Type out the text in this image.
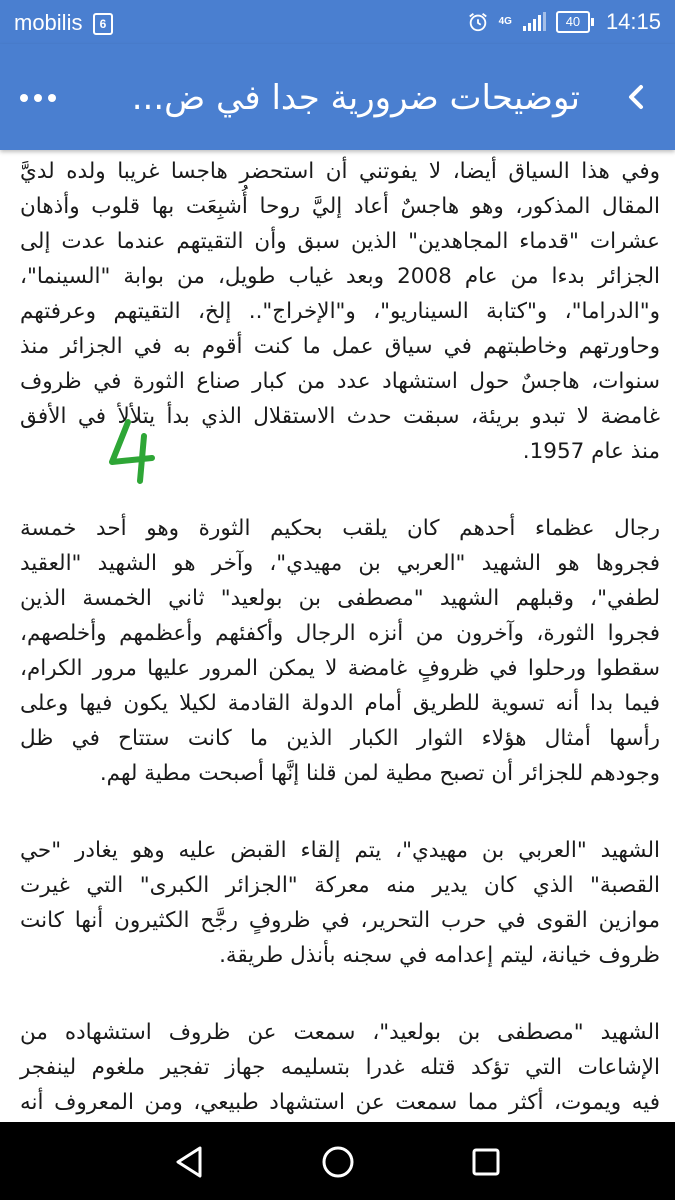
mobilis	6	4G	40	14:15
توضيحات ضرورية جدا في ض...

وفي هذا السياق أيضا، لا يفوتني أن استحضر هاجسا غريبا ولده لديَّ
المقال المذكور، وهو هاجسٌ أعاد إليَّ روحا أُشبِعَت بها قلوب وأذهان
عشرات "قدماء المجاهدين" الذين سبق وأن التقيتهم عندما عدت إلى
الجزائر بدءا من عام 2008 وبعد غياب طويل، من بوابة "السينما"،
و"الدراما"، و"كتابة السيناريو"، و"الإخراج".. إلخ، التقيتهم وعرفتهم
وحاورتهم وخاطبتهم في سياق عمل ما كنت أقوم به في الجزائر منذ
سنوات، هاجسٌ حول استشهاد عدد من كبار صناع الثورة في ظروف
غامضة لا تبدو بريئة، سبقت حدث الاستقلال الذي بدأ يتلألأ في الأفق
منذ عام 1957.

رجال عظماء أحدهم كان يلقب بحكيم الثورة وهو أحد خمسة
فجروها هو الشهيد "العربي بن مهيدي"، وآخر هو الشهيد "العقيد
لطفي"، وقبلهم الشهيد "مصطفى بن بولعيد" ثاني الخمسة الذين
فجروا الثورة، وآخرون من أنزه الرجال وأكفئهم وأعظمهم وأخلصهم،
سقطوا ورحلوا في ظروفٍ غامضة لا يمكن المرور عليها مرور الكرام،
فيما بدا أنه تسوية للطريق أمام الدولة القادمة لكيلا يكون فيها وعلى
رأسها أمثال هؤلاء الثوار الكبار الذين ما كانت ستتاح في ظل
وجودهم للجزائر أن تصبح مطية لمن قلنا إنَّها أصبحت مطية لهم.

الشهيد "العربي بن مهيدي"، يتم إلقاء القبض عليه وهو يغادر "حي
القصبة" الذي كان يدير منه معركة "الجزائر الكبرى" التي غيرت
موازين القوى في حرب التحرير، في ظروفٍ رجَّح الكثيرون أنها كانت
ظروف خيانة، ليتم إعدامه في سجنه بأنذل طريقة.

الشهيد "مصطفى بن بولعيد"، سمعت عن ظروف استشهاده من
الإشاعات التي تؤكد قتله غدرا بتسليمه جهاز تفجير ملغوم لينفجر
فيه ويموت، أكثر مما سمعت عن استشهاد طبيعي، ومن المعروف أنه
